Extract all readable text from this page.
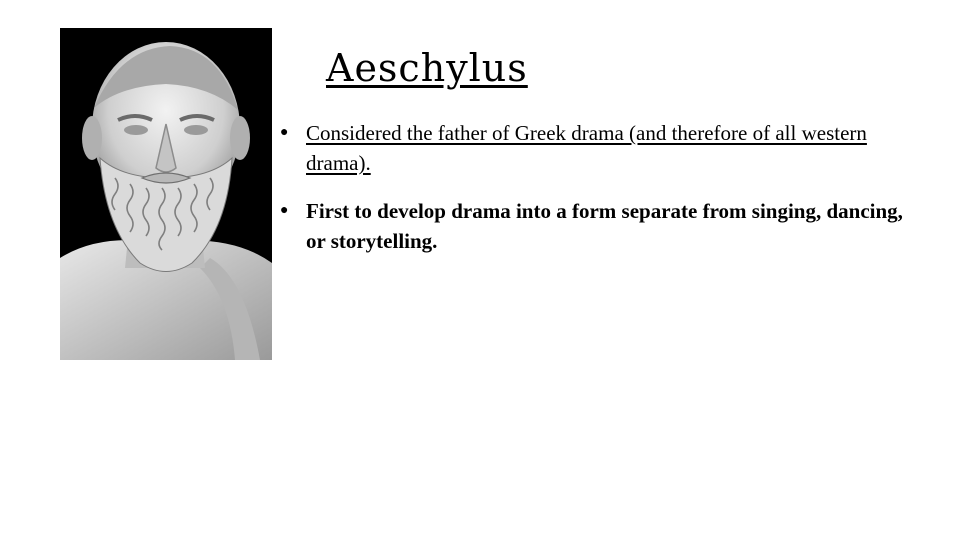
Aeschylus
● Considered the father of Greek drama (and therefore of all western drama).
● First to develop drama into a form separate from singing, dancing, or storytelling.
